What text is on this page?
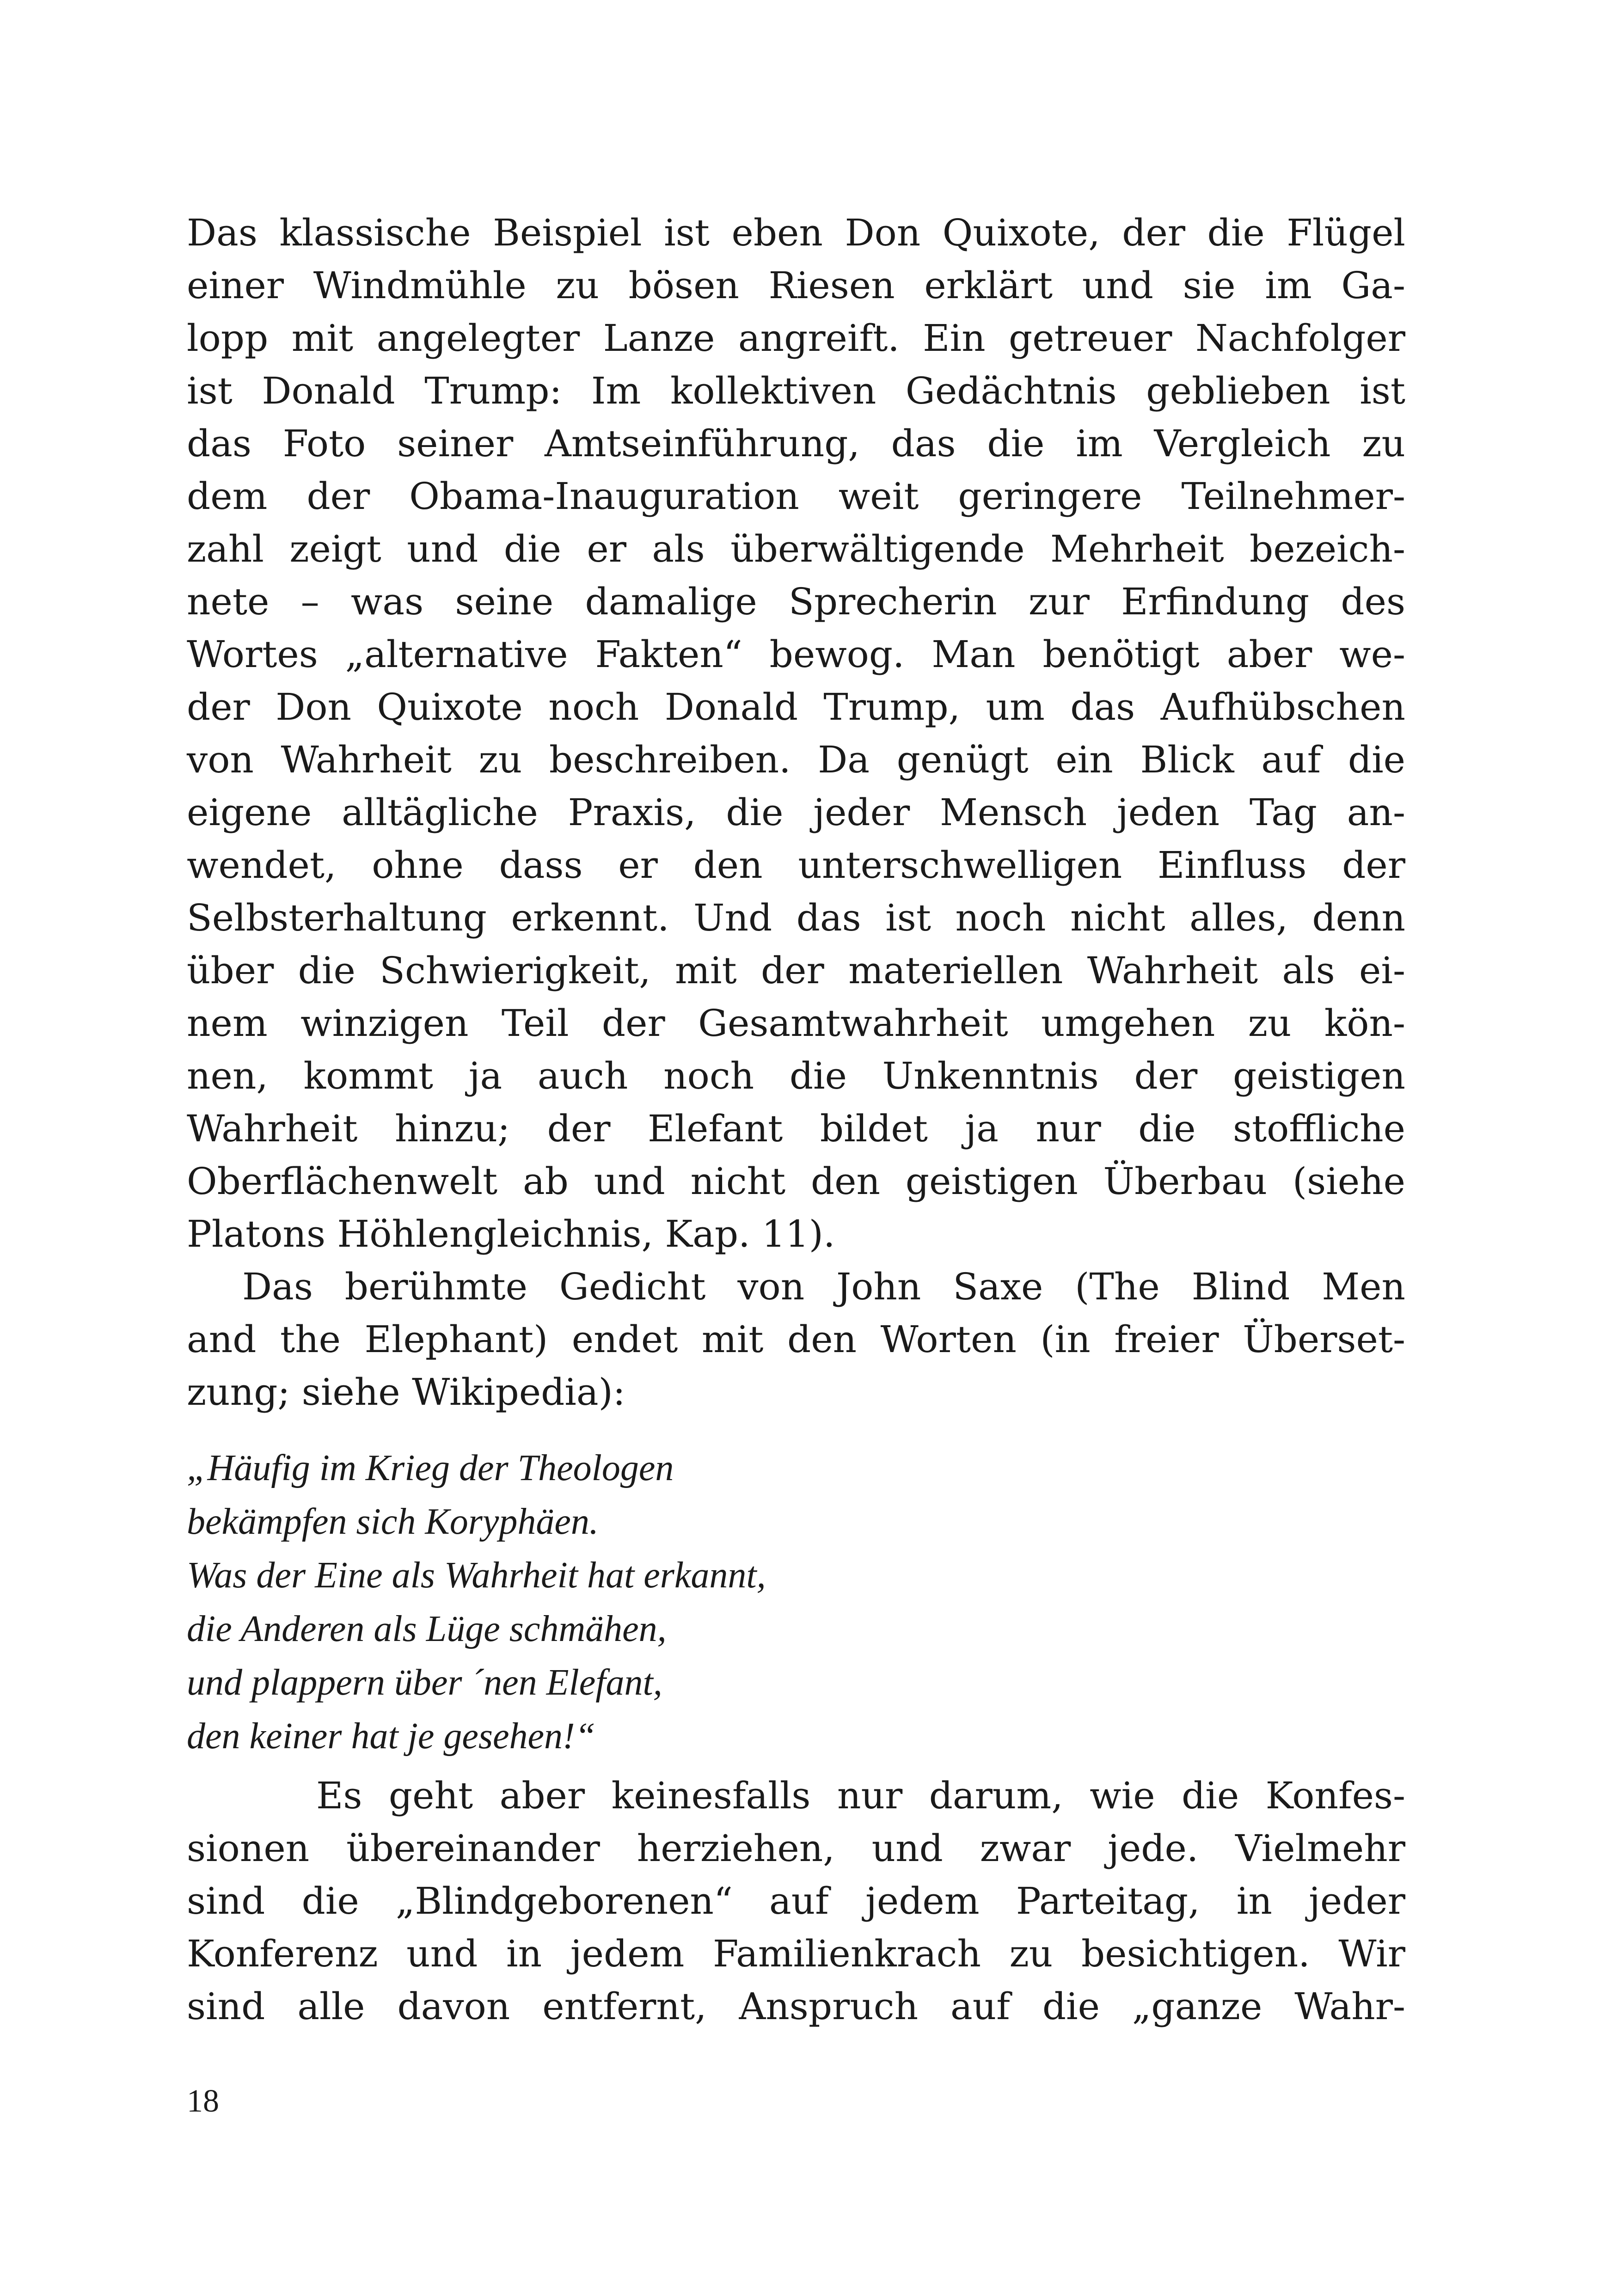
Das klassische Beispiel ist eben Don Quixote, der die Flügel
einer Windmühle zu bösen Riesen erklärt und sie im Ga-
lopp mit angelegter Lanze angreift. Ein getreuer Nachfolger
ist Donald Trump: Im kollektiven Gedächtnis geblieben ist
das Foto seiner Amtseinführung, das die im Vergleich zu
dem der Obama-Inauguration weit geringere Teilnehmer-
zahl zeigt und die er als überwältigende Mehrheit bezeich-
nete – was seine damalige Sprecherin zur Erfindung des
Wortes „alternative Fakten“ bewog. Man benötigt aber we-
der Don Quixote noch Donald Trump, um das Aufhübschen
von Wahrheit zu beschreiben. Da genügt ein Blick auf die
eigene alltägliche Praxis, die jeder Mensch jeden Tag an-
wendet, ohne dass er den unterschwelligen Einfluss der
Selbsterhaltung erkennt. Und das ist noch nicht alles, denn
über die Schwierigkeit, mit der materiellen Wahrheit als ei-
nem winzigen Teil der Gesamtwahrheit umgehen zu kön-
nen, kommt ja auch noch die Unkenntnis der geistigen
Wahrheit hinzu; der Elefant bildet ja nur die stoffliche
Oberflächenwelt ab und nicht den geistigen Überbau (siehe
Platons Höhlengleichnis, Kap. 11).
Das berühmte Gedicht von John Saxe (The Blind Men
and the Elephant) endet mit den Worten (in freier Überset-
zung; siehe Wikipedia):
„Häufig im Krieg der Theologen
bekämpfen sich Koryphäen.
Was der Eine als Wahrheit hat erkannt,
die Anderen als Lüge schmähen,
und plappern über ´nen Elefant,
den keiner hat je gesehen!“
Es geht aber keinesfalls nur darum, wie die Konfes-
sionen übereinander herziehen, und zwar jede. Vielmehr
sind die „Blindgeborenen“ auf jedem Parteitag, in jeder
Konferenz und in jedem Familienkrach zu besichtigen. Wir
sind alle davon entfernt, Anspruch auf die „ganze Wahr-
18
